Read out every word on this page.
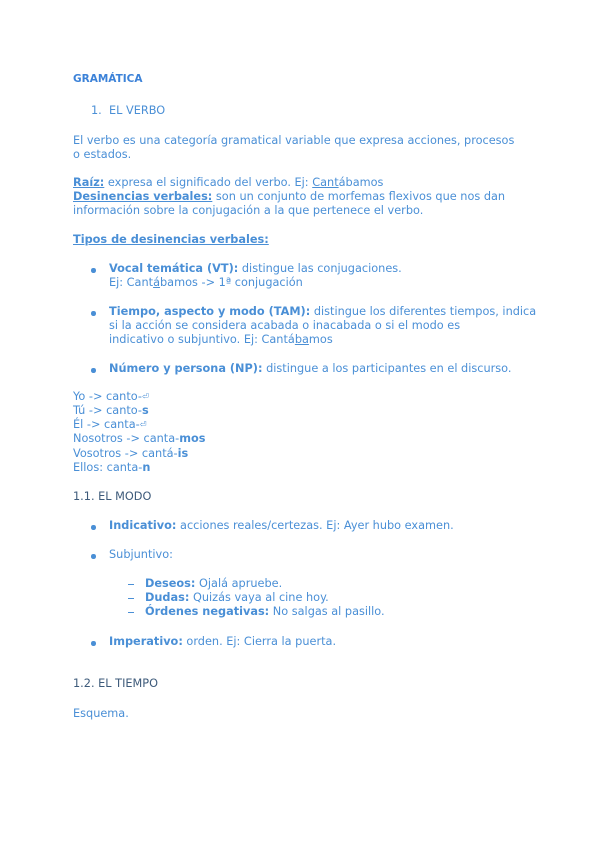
GRAMÁTICA
1. EL VERBO
El verbo es una categoría gramatical variable que expresa acciones, procesos
o estados.
Raíz: expresa el significado del verbo. Ej: Cantábamos
Desinencias verbales: son un conjunto de morfemas flexivos que nos dan
información sobre la conjugación a la que pertenece el verbo.
Tipos de desinencias verbales:
Vocal temática (VT): distingue las conjugaciones.
Ej: Cantábamos -> 1ª conjugación
Tiempo, aspecto y modo (TAM): distingue los diferentes tiempos, indica
si la acción se considera acabada o inacabada o si el modo es
indicativo o subjuntivo. Ej: Cantábamos
Número y persona (NP): distingue a los participantes en el discurso.
Yo -> canto-⏎
Tú -> canto-s
Él -> canta-⏎
Nosotros -> canta-mos
Vosotros -> cantá-is
Ellos: canta-n
1.1. EL MODO
Indicativo: acciones reales/certezas. Ej: Ayer hubo examen.
Subjuntivo:
Deseos: Ojalá apruebe.
Dudas: Quizás vaya al cine hoy.
Órdenes negativas: No salgas al pasillo.
Imperativo: orden. Ej: Cierra la puerta.
1.2. EL TIEMPO
Esquema.
